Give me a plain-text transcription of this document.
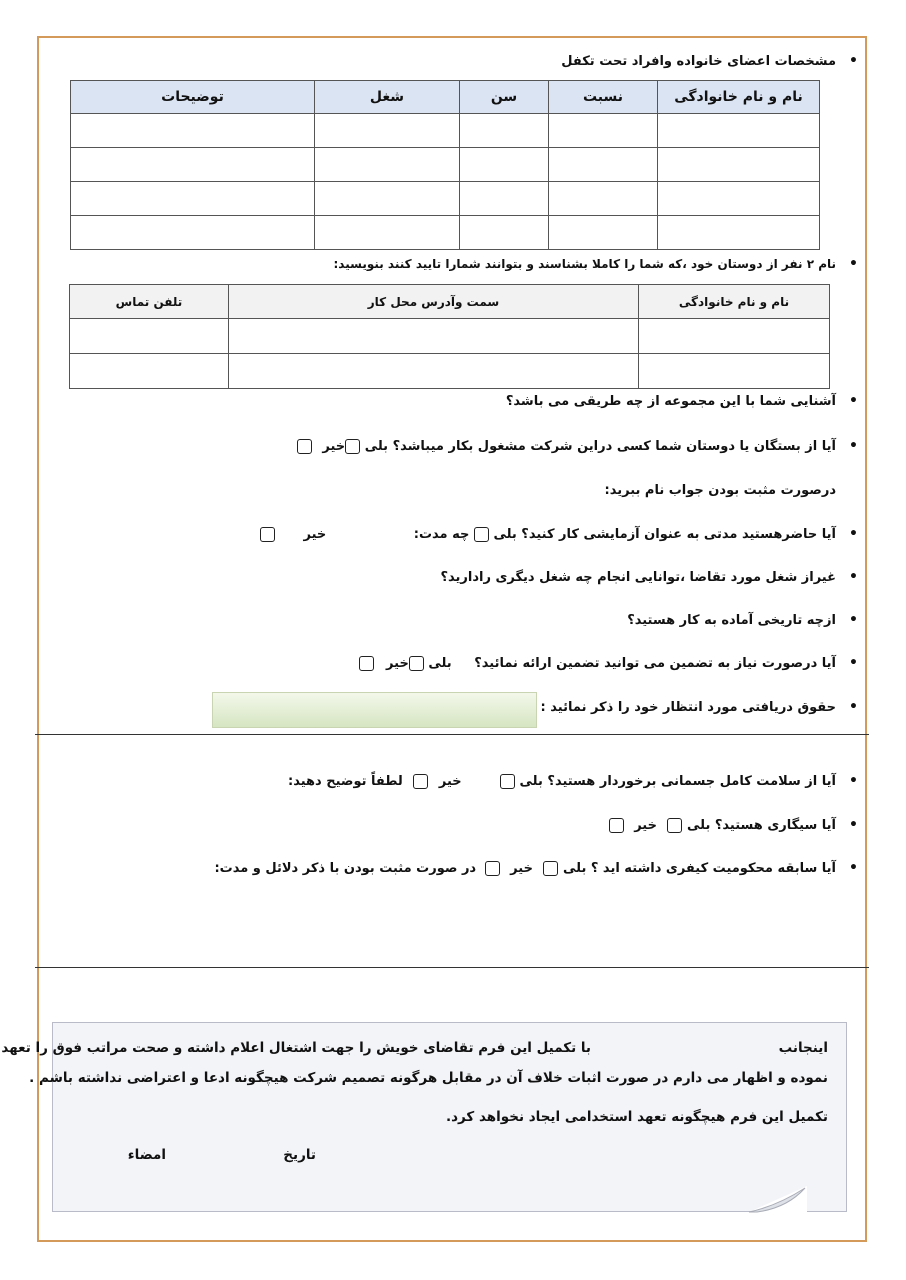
• مشخصات اعضای خانواده وافراد تحت تکفل
نام و نام خانوادگی	نسبت	سن	شغل	توضیحات

• نام ۲ نفر از دوستان خود ،که شما را کاملا بشناسند و بتوانند شمارا تایید کنند بنویسید:
نام و نام خانوادگی	سمت وآدرس محل کار	تلفن تماس

• آشنایی شما با این مجموعه از چه طریقی می باشد؟
• آیا از بستگان یا دوستان شما کسی دراین شرکت مشغول بکار میباشد؟ بلی خیر
درصورت مثبت بودن جواب نام ببرید:
• آیا حاضرهستید مدتی به عنوان آزمایشی کار کنید؟ بلی  چه مدت:
خیر
• غیراز شغل مورد تقاضا ،توانایی انجام چه شغل دیگری رادارید؟
• ازچه تاریخی آماده به کار هستید؟
• آیا درصورت نیاز به تضمین می توانید تضمین ارائه نمائید؟ بلی خیر
• حقوق دریافتی مورد انتظار خود را ذکر نمائید :
• آیا از سلامت کامل جسمانی برخوردار هستید؟ بلی
خیر  لطفاً توضیح دهید:
• آیا سیگاری هستید؟ بلی  خیر
• آیا سابقه محکومیت کیفری داشته اید ؟ بلی  خیر  در صورت مثبت بودن با ذکر دلائل و مدت:
اینجانب
با تکمیل این فرم تقاضای خویش را جهت اشتغال اعلام داشته و صحت مراتب فوق را تعهد
نموده و اظهار می دارم در صورت اثبات خلاف آن در مقابل هرگونه تصمیم شرکت هیچگونه ادعا و اعتراضی نداشته باشم .
تکمیل این فرم هیچگونه تعهد استخدامی ایجاد نخواهد کرد.
تاریخ
امضاء
